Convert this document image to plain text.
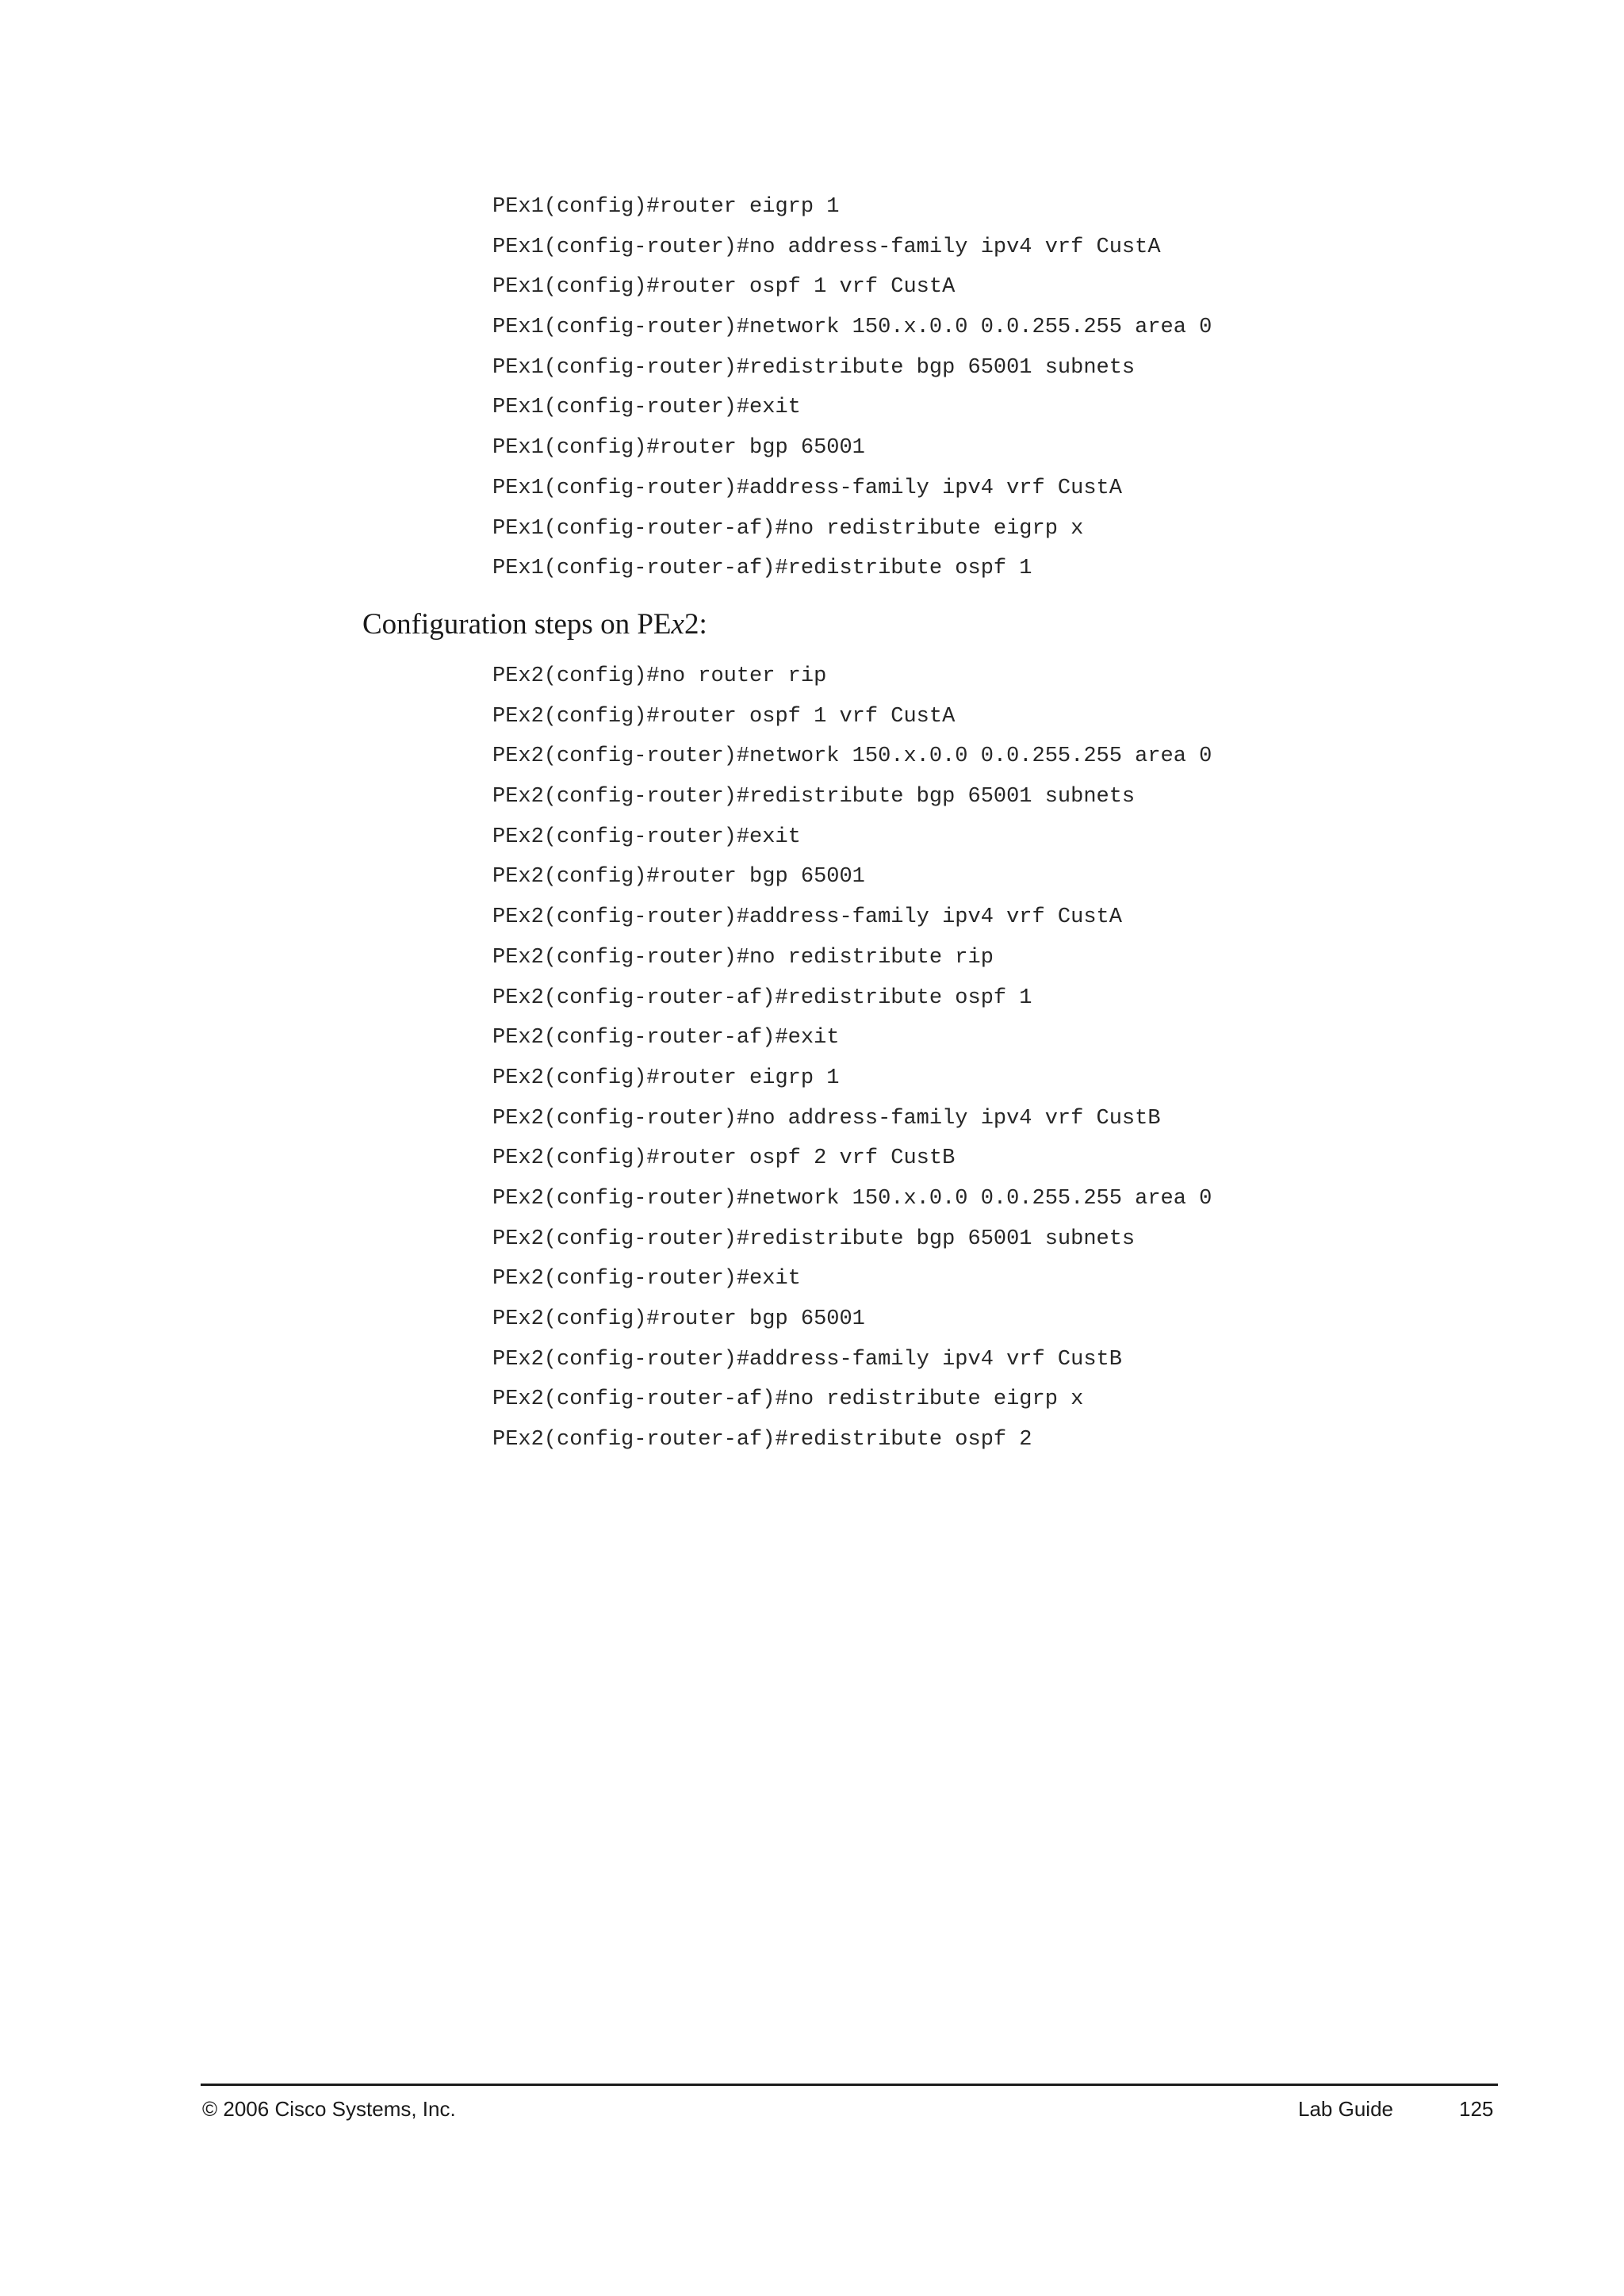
PEx1(config)#router eigrp 1
PEx1(config-router)#no address-family ipv4 vrf CustA
PEx1(config)#router ospf 1 vrf CustA
PEx1(config-router)#network 150.x.0.0 0.0.255.255 area 0
PEx1(config-router)#redistribute bgp 65001 subnets
PEx1(config-router)#exit
PEx1(config)#router bgp 65001
PEx1(config-router)#address-family ipv4 vrf CustA
PEx1(config-router-af)#no redistribute eigrp x
PEx1(config-router-af)#redistribute ospf 1
Configuration steps on PEx2:
PEx2(config)#no router rip
PEx2(config)#router ospf 1 vrf CustA
PEx2(config-router)#network 150.x.0.0 0.0.255.255 area 0
PEx2(config-router)#redistribute bgp 65001 subnets
PEx2(config-router)#exit
PEx2(config)#router bgp 65001
PEx2(config-router)#address-family ipv4 vrf CustA
PEx2(config-router)#no redistribute rip
PEx2(config-router-af)#redistribute ospf 1
PEx2(config-router-af)#exit
PEx2(config)#router eigrp 1
PEx2(config-router)#no address-family ipv4 vrf CustB
PEx2(config)#router ospf 2 vrf CustB
PEx2(config-router)#network 150.x.0.0 0.0.255.255 area 0
PEx2(config-router)#redistribute bgp 65001 subnets
PEx2(config-router)#exit
PEx2(config)#router bgp 65001
PEx2(config-router)#address-family ipv4 vrf CustB
PEx2(config-router-af)#no redistribute eigrp x
PEx2(config-router-af)#redistribute ospf 2
© 2006 Cisco Systems, Inc.	Lab Guide	125
